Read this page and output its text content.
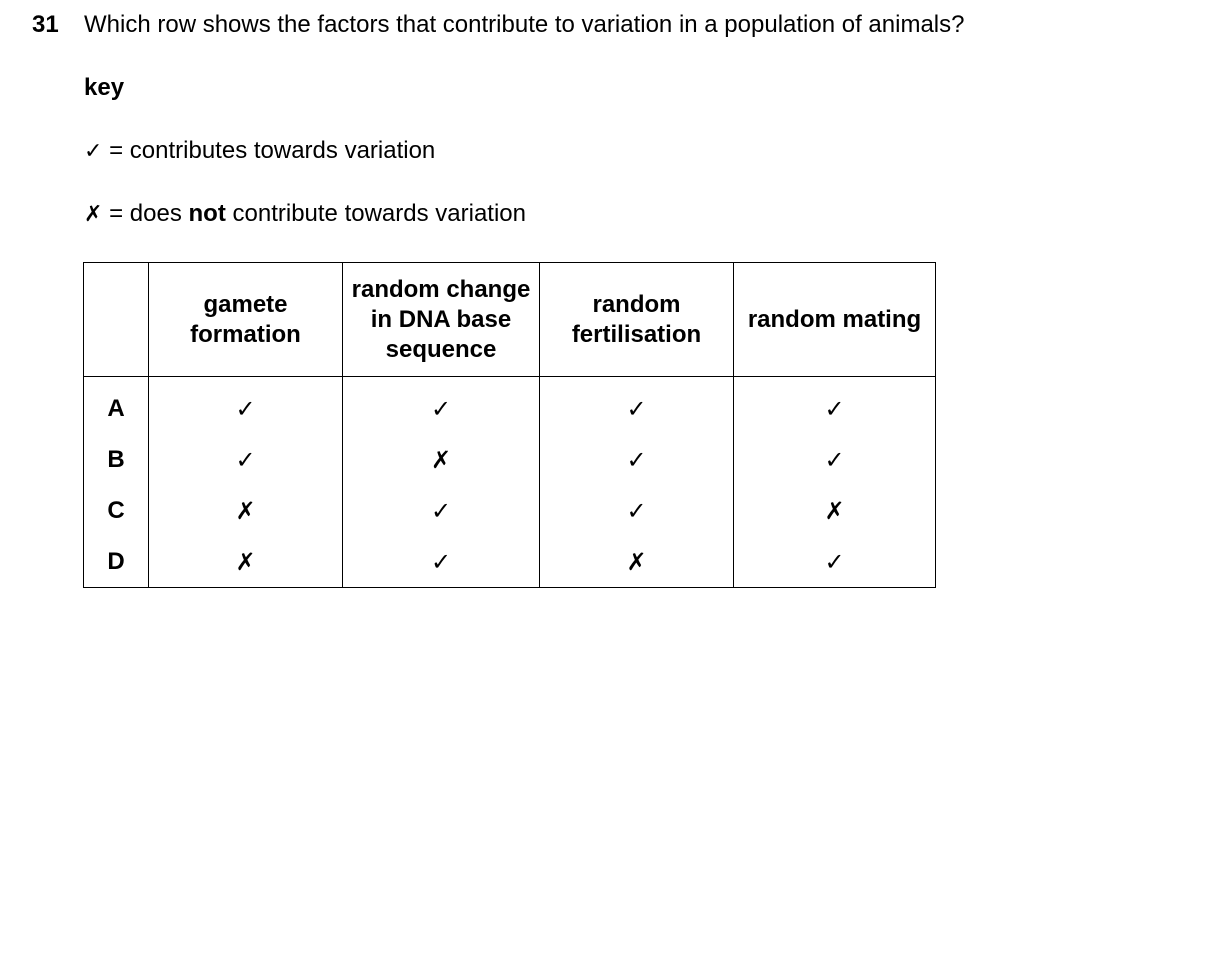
31 Which row shows the factors that contribute to variation in a population of animals?
key
✓ = contributes towards variation
✗ = does not contribute towards variation

	gamete formation	random change in DNA base sequence	random fertilisation	random mating

A	✓	✓	✓	✓
B	✓	✗	✓	✓
C	✗	✓	✓	✗
D	✗	✓	✗	✓
